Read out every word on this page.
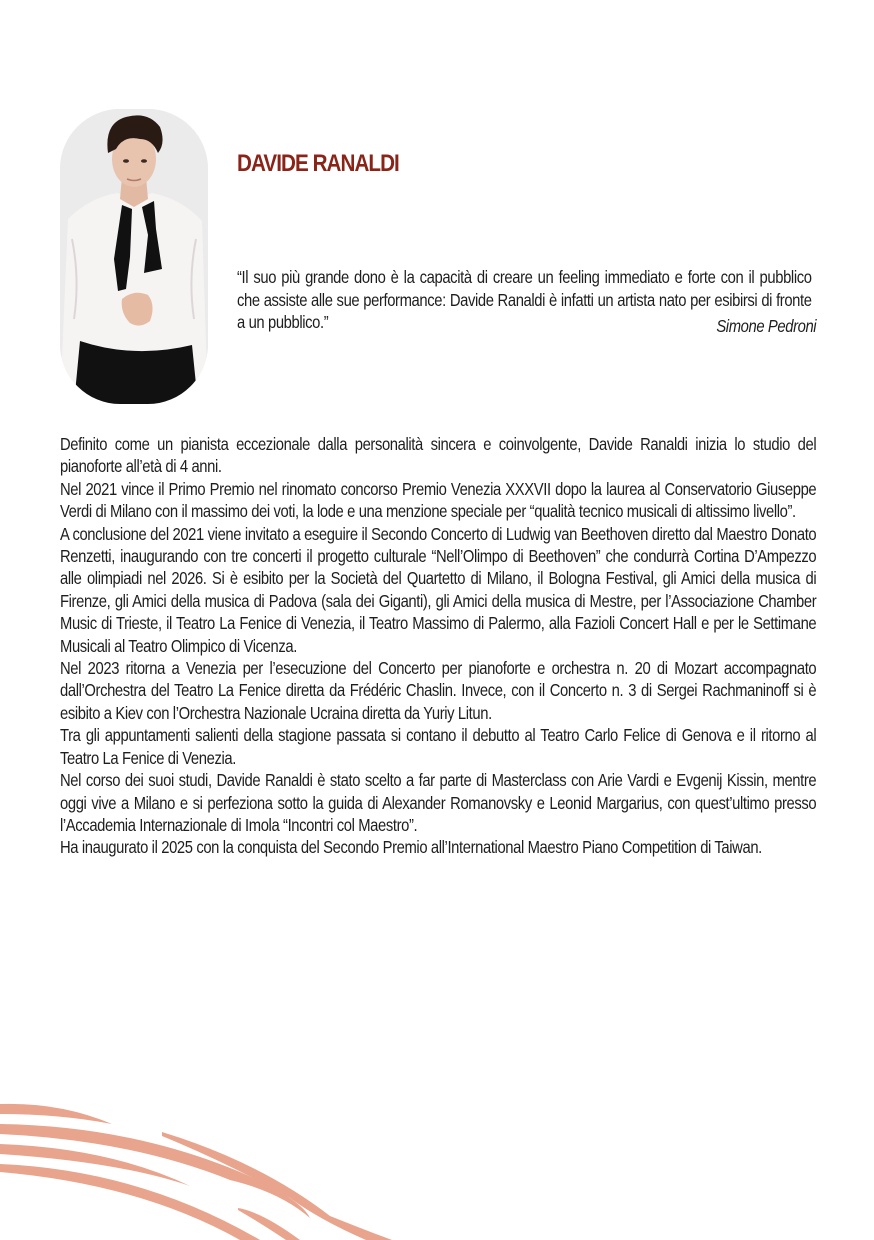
DAVIDE RANALDI

“Il suo più grande dono è la capacità di creare un feeling immediato e forte con il pubblico che assiste alle sue performance: Davide Ranaldi è infatti un artista nato per esibirsi di fronte a un pubblico.”	Simone Pedroni

Definito come un pianista eccezionale dalla personalità sincera e coinvolgente, Davide Ranaldi inizia lo studio del pianoforte all’età di 4 anni.

Nel 2021 vince il Primo Premio nel rinomato concorso Premio Venezia XXXVII dopo la laurea al Conservatorio Giuseppe Verdi di Milano con il massimo dei voti, la lode e una menzione speciale per “qualità tecnico musicali di altissimo livello”.

A conclusione del 2021 viene invitato a eseguire il Secondo Concerto di Ludwig van Beethoven diretto dal Maestro Donato Renzetti, inaugurando con tre concerti il progetto culturale “Nell’Olimpo di Beethoven” che condurrà Cortina D’Ampezzo alle olimpiadi nel 2026. Si è esibito per la Società del Quartetto di Milano, il Bologna Festival, gli Amici della musica di Firenze, gli Amici della musica di Padova (sala dei Giganti), gli Amici della musica di Mestre, per l’Associazione Chamber Music di Trieste, il Teatro La Fenice di Venezia, il Teatro Massimo di Palermo, alla Fazioli Concert Hall e per le Settimane Musicali al Teatro Olimpico di Vicenza.

Nel 2023 ritorna a Venezia per l’esecuzione del Concerto per pianoforte e orchestra n. 20 di Mozart accompagnato dall’Orchestra del Teatro La Fenice diretta da Frédéric Chaslin. Invece, con il Concerto n. 3 di Sergei Rachmaninoff si è esibito a Kiev con l’Orchestra Nazionale Ucraina diretta da Yuriy Litun.

Tra gli appuntamenti salienti della stagione passata si contano il debutto al Teatro Carlo Felice di Genova e il ritorno al Teatro La Fenice di Venezia.

Nel corso dei suoi studi, Davide Ranaldi è stato scelto a far parte di Masterclass con Arie Vardi e Evgenij Kissin, mentre oggi vive a Milano e si perfeziona sotto la guida di Alexander Romanovsky e Leonid Margarius, con quest’ultimo presso l’Accademia Internazionale di Imola “Incontri col Maestro”.

Ha inaugurato il 2025 con la conquista del Secondo Premio all’International Maestro Piano Competition di Taiwan.
